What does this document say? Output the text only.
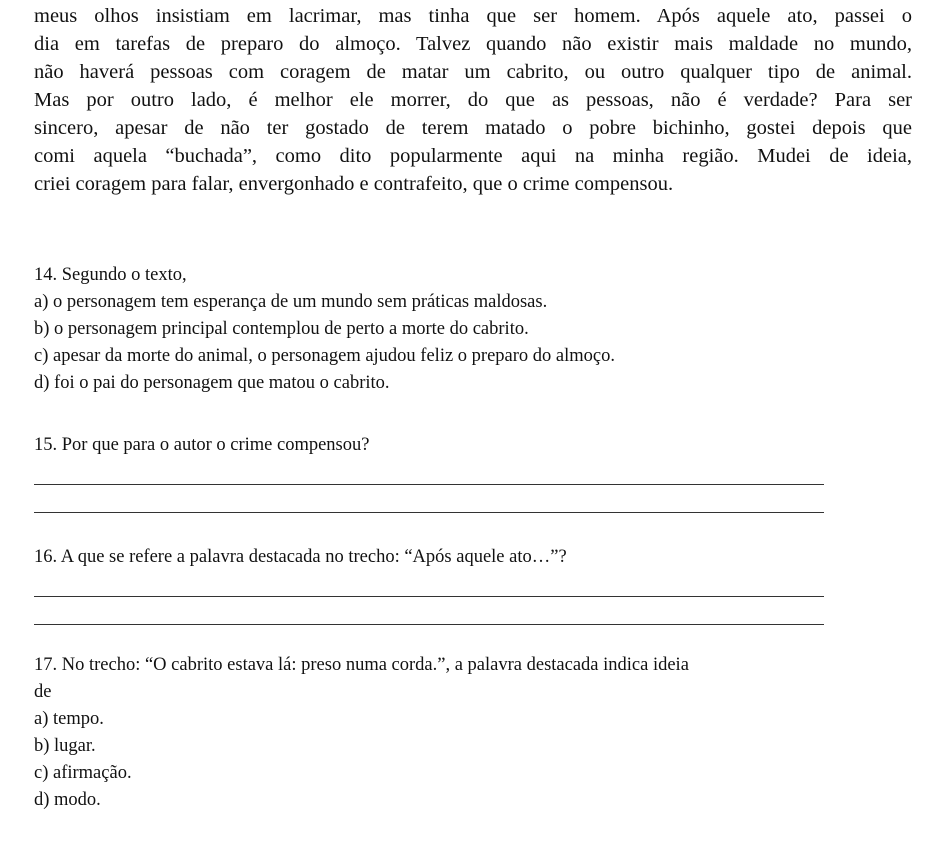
meus olhos insistiam em lacrimar, mas tinha que ser homem. Após aquele ato, passei o
dia em tarefas de preparo do almoço. Talvez quando não existir mais maldade no mundo,
não haverá pessoas com coragem de matar um cabrito, ou outro qualquer tipo de animal.
Mas por outro lado, é melhor ele morrer, do que as pessoas, não é verdade? Para ser
sincero, apesar de não ter gostado de terem matado o pobre bichinho, gostei depois que
comi aquela “buchada”, como dito popularmente aqui na minha região. Mudei de ideia,
criei coragem para falar, envergonhado e contrafeito, que o crime compensou.
14. Segundo o texto,
a) o personagem tem esperança de um mundo sem práticas maldosas.
b) o personagem principal contemplou de perto a morte do cabrito.
c) apesar da morte do animal, o personagem ajudou feliz o preparo do almoço.
d) foi o pai do personagem que matou o cabrito.
15. Por que para o autor o crime compensou?
16. A que se refere a palavra destacada no trecho: “Após aquele ato…”?
17. No trecho: “O cabrito estava lá: preso numa corda.”, a palavra destacada indica ideia
de
a) tempo.
b) lugar.
c) afirmação.
d) modo.
